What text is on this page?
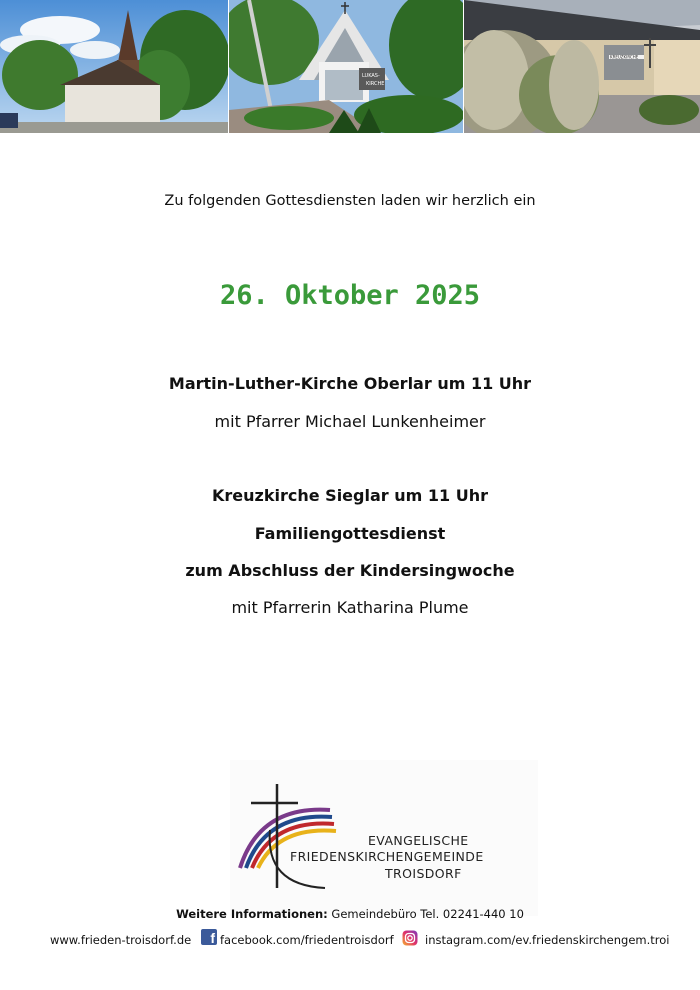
LUKAS-
KIRCHE
KREUZKIRCHE
Zu folgenden Gottesdiensten laden wir herzlich ein
26. Oktober 2025
Martin-Luther-Kirche Oberlar um 11 Uhr
mit Pfarrer Michael Lunkenheimer
Kreuzkirche Sieglar um 11 Uhr
Familiengottesdienst
zum Abschluss der Kindersingwoche
mit Pfarrerin Katharina Plume
EVANGELISCHE
FRIEDENSKIRCHENGEMEINDE
TROISDORF
Weitere Informationen: Gemeindebüro Tel. 02241-440 10
www.frieden-troisdorf.de f facebook.com/friedentroisdorf	instagram.com/ev.friedenskirchengem.troi
